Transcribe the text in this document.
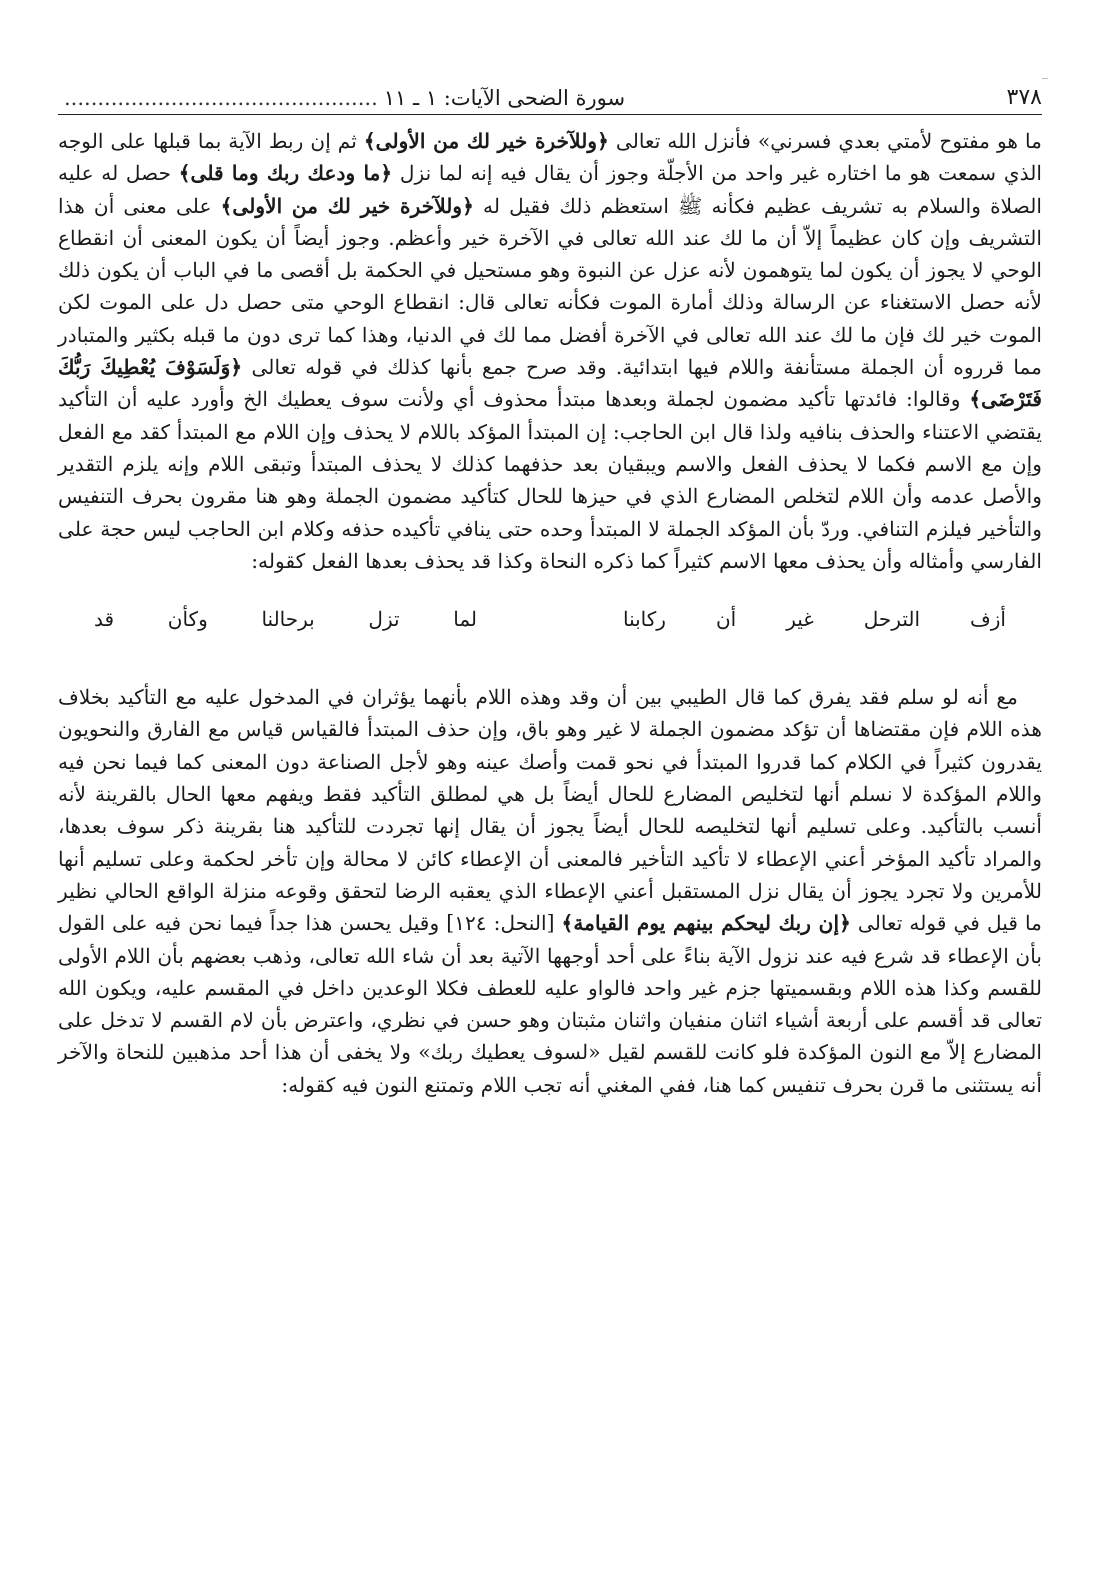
٣٧٨
سورة الضحى الآيات: ١ ـ ١١...............................................

ما هو مفتوح لأمتي بعدي فسرني» فأنزل الله تعالى ﴿وللآخرة خير لك من الأولى﴾ ثم إن ربط الآية بما قبلها على الوجه الذي سمعت هو ما اختاره غير واحد من الأجلّة وجوز أن يقال فيه إنه لما نزل ﴿ما ودعك ربك وما قلى﴾ حصل له عليه الصلاة والسلام به تشريف عظيم فكأنه ﷺ استعظم ذلك فقيل له ﴿وللآخرة خير لك من الأولى﴾ على معنى أن هذا التشريف وإن كان عظيماً إلاّ أن ما لك عند الله تعالى في الآخرة خير وأعظم. وجوز أيضاً أن يكون المعنى أن انقطاع الوحي لا يجوز أن يكون لما يتوهمون لأنه عزل عن النبوة وهو مستحيل في الحكمة بل أقصى ما في الباب أن يكون ذلك لأنه حصل الاستغناء عن الرسالة وذلك أمارة الموت فكأنه تعالى قال: انقطاع الوحي متى حصل دل على الموت لكن الموت خير لك فإن ما لك عند الله تعالى في الآخرة أفضل مما لك في الدنيا، وهذا كما ترى دون ما قبله بكثير والمتبادر مما قرروه أن الجملة مستأنفة واللام فيها ابتدائية. وقد صرح جمع بأنها كذلك في قوله تعالى ﴿وَلَسَوْفَ يُعْطِيكَ رَبُّكَ فَتَرْضَى﴾ وقالوا: فائدتها تأكيد مضمون لجملة وبعدها مبتدأ محذوف أي ولأنت سوف يعطيك الخ وأورد عليه أن التأكيد يقتضي الاعتناء والحذف بنافيه ولذا قال ابن الحاجب: إن المبتدأ المؤكد باللام لا يحذف وإن اللام مع المبتدأ كقد مع الفعل وإن مع الاسم فكما لا يحذف الفعل والاسم ويبقيان بعد حذفهما كذلك لا يحذف المبتدأ وتبقى اللام وإنه يلزم التقدير والأصل عدمه وأن اللام لتخلص المضارع الذي في حيزها للحال كتأكيد مضمون الجملة وهو هنا مقرون بحرف التنفيس والتأخير فيلزم التنافي. وردّ بأن المؤكد الجملة لا المبتدأ وحده حتى ينافي تأكيده حذفه وكلام ابن الحاجب ليس حجة على الفارسي وأمثاله وأن يحذف معها الاسم كثيراً كما ذكره النحاة وكذا قد يحذف بعدها الفعل كقوله:

أزف الترحل غير أن ركابنا
لما تزل برحالنا وكأن قد

مع أنه لو سلم فقد يفرق كما قال الطيبي بين أن وقد وهذه اللام بأنهما يؤثران في المدخول عليه مع التأكيد بخلاف هذه اللام فإن مقتضاها أن تؤكد مضمون الجملة لا غير وهو باق، وإن حذف المبتدأ فالقياس قياس مع الفارق والنحويون يقدرون كثيراً في الكلام كما قدروا المبتدأ في نحو قمت وأصك عينه وهو لأجل الصناعة دون المعنى كما فيما نحن فيه واللام المؤكدة لا نسلم أنها لتخليص المضارع للحال أيضاً بل هي لمطلق التأكيد فقط ويفهم معها الحال بالقرينة لأنه أنسب بالتأكيد. وعلى تسليم أنها لتخليصه للحال أيضاً يجوز أن يقال إنها تجردت للتأكيد هنا بقرينة ذكر سوف بعدها، والمراد تأكيد المؤخر أعني الإعطاء لا تأكيد التأخير فالمعنى أن الإعطاء كائن لا محالة وإن تأخر لحكمة وعلى تسليم أنها للأمرين ولا تجرد يجوز أن يقال نزل المستقبل أعني الإعطاء الذي يعقبه الرضا لتحقق وقوعه منزلة الواقع الحالي نظير ما قيل في قوله تعالى ﴿إن ربك ليحكم بينهم يوم القيامة﴾ [النحل: ١٢٤] وقيل يحسن هذا جداً فيما نحن فيه على القول بأن الإعطاء قد شرع فيه عند نزول الآية بناءً على أحد أوجهها الآتية بعد أن شاء الله تعالى، وذهب بعضهم بأن اللام الأولى للقسم وكذا هذه اللام وبقسميتها جزم غير واحد فالواو عليه للعطف فكلا الوعدين داخل في المقسم عليه، ويكون الله تعالى قد أقسم على أربعة أشياء اثنان منفيان واثنان مثبتان وهو حسن في نظري، واعترض بأن لام القسم لا تدخل على المضارع إلاّ مع النون المؤكدة فلو كانت للقسم لقيل «لسوف يعطيك ربك» ولا يخفى أن هذا أحد مذهبين للنحاة والآخر أنه يستثنى ما قرن بحرف تنفيس كما هنا، ففي المغني أنه تجب اللام وتمتنع النون فيه كقوله:
